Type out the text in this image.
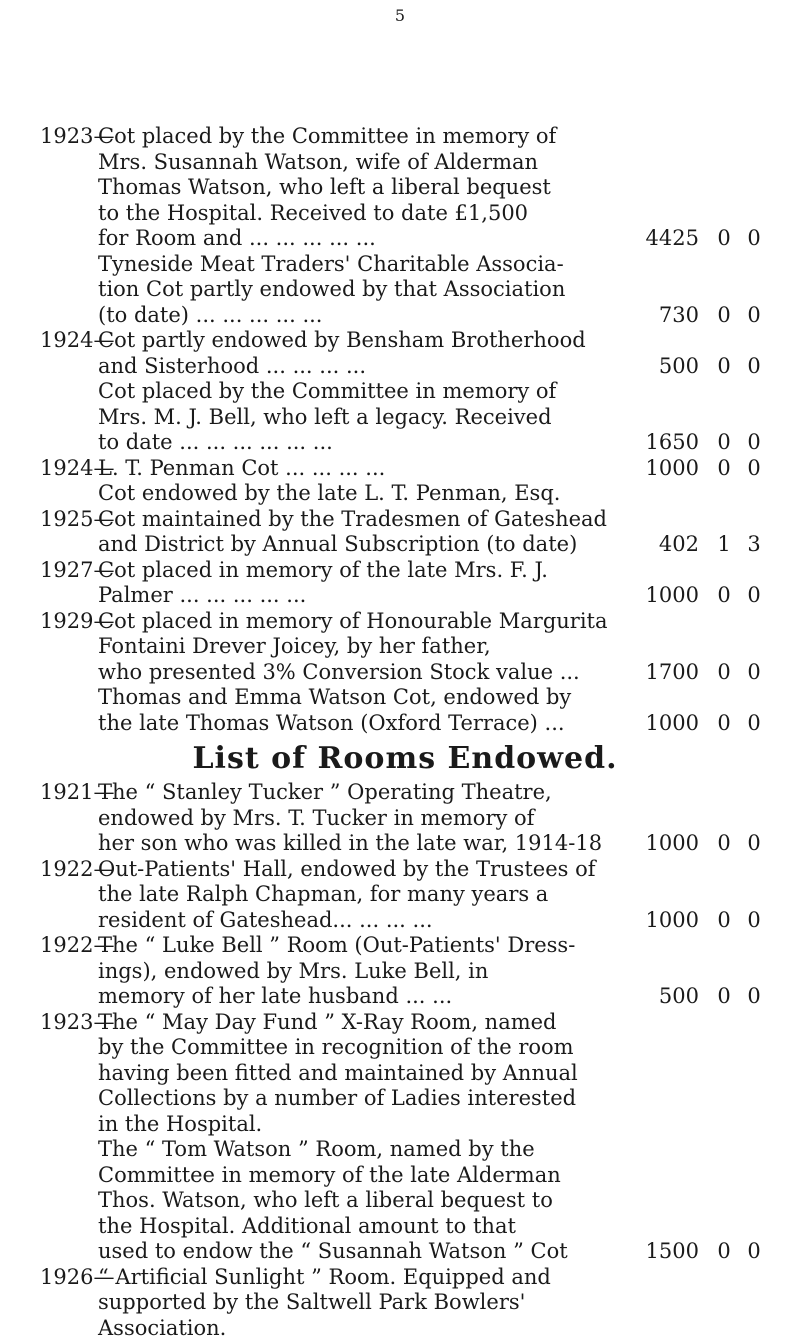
5
1923—
Cot placed by the Committee in memory of
Mrs. Susannah Watson, wife of Alderman
Thomas Watson, who left a liberal bequest
to the Hospital. Received to date £1,500
for Room and ... ... ... ... ...	4425 0 0
Tyneside Meat Traders' Charitable Associa-
tion Cot partly endowed by that Association
(to date) ... ... ... ... ...	730 0 0
1924—
Cot partly endowed by Bensham Brotherhood
and Sisterhood ... ... ... ...	500 0 0
Cot placed by the Committee in memory of
Mrs. M. J. Bell, who left a legacy. Received
to date ... ... ... ... ... ...	1650 0 0
1924—
L. T. Penman Cot ... ... ... ...	1000 0 0
Cot endowed by the late L. T. Penman, Esq.
1925—
Cot maintained by the Tradesmen of Gateshead
and District by Annual Subscription (to date)	402 1 3
1927—
Cot placed in memory of the late Mrs. F. J.
Palmer ... ... ... ... ...	1000 0 0
1929—
Cot placed in memory of Honourable Margurita
Fontaini Drever Joicey, by her father,
who presented 3% Conversion Stock value ...	1700 0 0
Thomas and Emma Watson Cot, endowed by
the late Thomas Watson (Oxford Terrace) ...	1000 0 0
List of Rooms Endowed.
1921—
The “ Stanley Tucker ” Operating Theatre,
endowed by Mrs. T. Tucker in memory of
her son who was killed in the late war, 1914-18 1000 0 0
1922—
Out-Patients' Hall, endowed by the Trustees of
the late Ralph Chapman, for many years a
resident of Gateshead... ... ... ...	1000 0 0
1922—
The “ Luke Bell ” Room (Out-Patients' Dress-
ings), endowed by Mrs. Luke Bell, in
memory of her late husband ... ...	500 0 0
1923—
The “ May Day Fund ” X-Ray Room, named
by the Committee in recognition of the room
having been fitted and maintained by Annual
Collections by a number of Ladies interested
in the Hospital.
The “ Tom Watson ” Room, named by the
Committee in memory of the late Alderman
Thos. Watson, who left a liberal bequest to
the Hospital. Additional amount to that
used to endow the “ Susannah Watson ” Cot	1500 0 0
1926—
“ Artificial Sunlight ” Room. Equipped and
supported by the Saltwell Park Bowlers'
Association.
